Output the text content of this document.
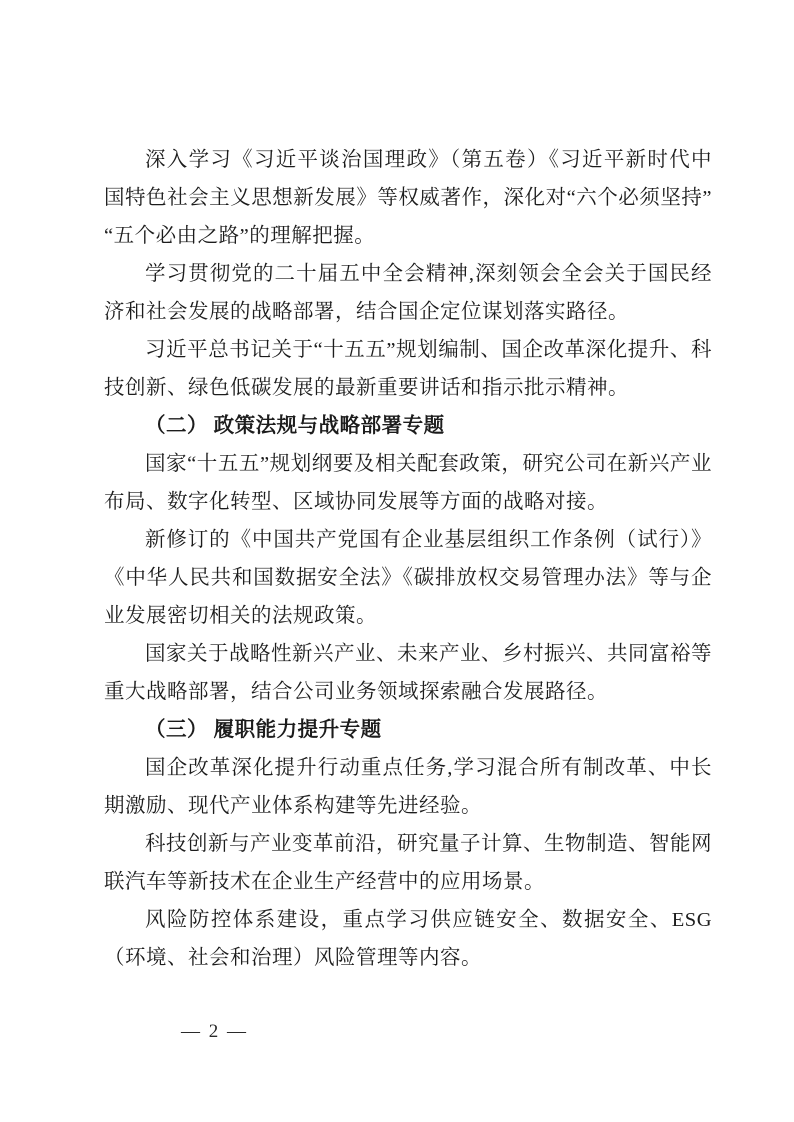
深入学习《习近平谈治国理政》（第五卷）《习近平新时代中国特色社会主义思想新发展》等权威著作，深化对“六个必须坚持”“五个必由之路”的理解把握。

学习贯彻党的二十届五中全会精神,深刻领会全会关于国民经济和社会发展的战略部署，结合国企定位谋划落实路径。

习近平总书记关于“十五五”规划编制、国企改革深化提升、科技创新、绿色低碳发展的最新重要讲话和指示批示精神。

（二） 政策法规与战略部署专题

国家“十五五”规划纲要及相关配套政策，研究公司在新兴产业布局、数字化转型、区域协同发展等方面的战略对接。

新修订的《中国共产党国有企业基层组织工作条例（试行）》《中华人民共和国数据安全法》《碳排放权交易管理办法》等与企业发展密切相关的法规政策。

国家关于战略性新兴产业、未来产业、乡村振兴、共同富裕等重大战略部署，结合公司业务领域探索融合发展路径。

（三） 履职能力提升专题

国企改革深化提升行动重点任务,学习混合所有制改革、中长期激励、现代产业体系构建等先进经验。

科技创新与产业变革前沿，研究量子计算、生物制造、智能网联汽车等新技术在企业生产经营中的应用场景。

风险防控体系建设，重点学习供应链安全、数据安全、ESG（环境、社会和治理）风险管理等内容。

— 2 —
